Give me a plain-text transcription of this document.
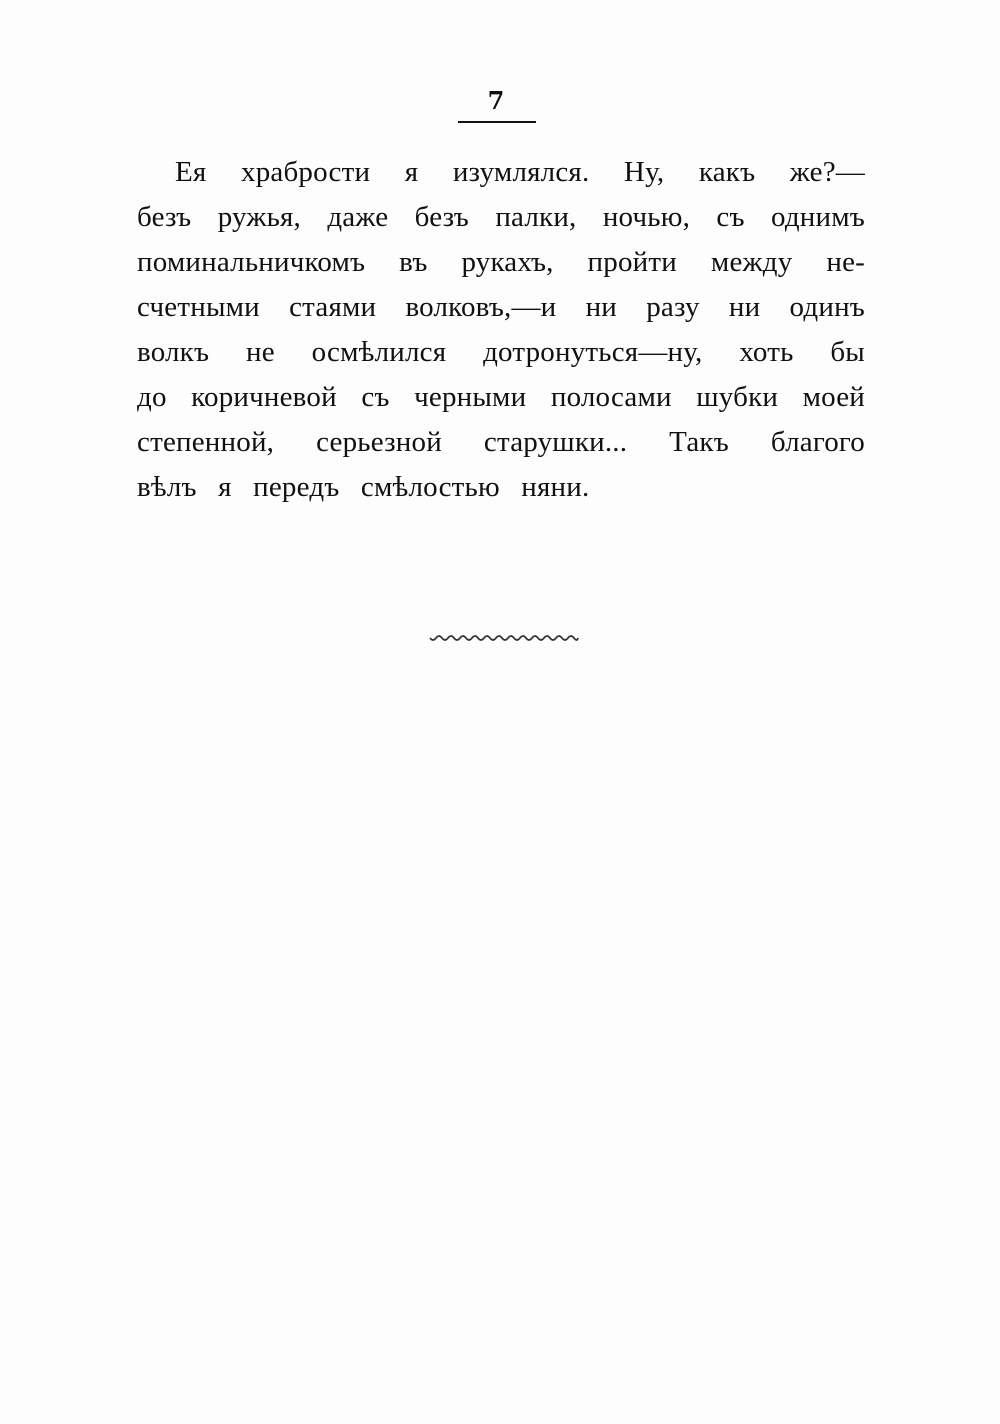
7
Ея храбрости я изумлялся. Ну, какъ же?—
безъ ружья, даже безъ палки, ночью, съ однимъ
поминальничкомъ въ рукахъ, пройти между не-
счетными стаями волковъ,—и ни разу ни одинъ
волкъ не осмѣлился дотронуться—ну, хоть бы
до коричневой съ черными полосами шубки моей
степенной, серьезной старушки... Такъ благого
вѣлъ я передъ смѣлостью няни.
